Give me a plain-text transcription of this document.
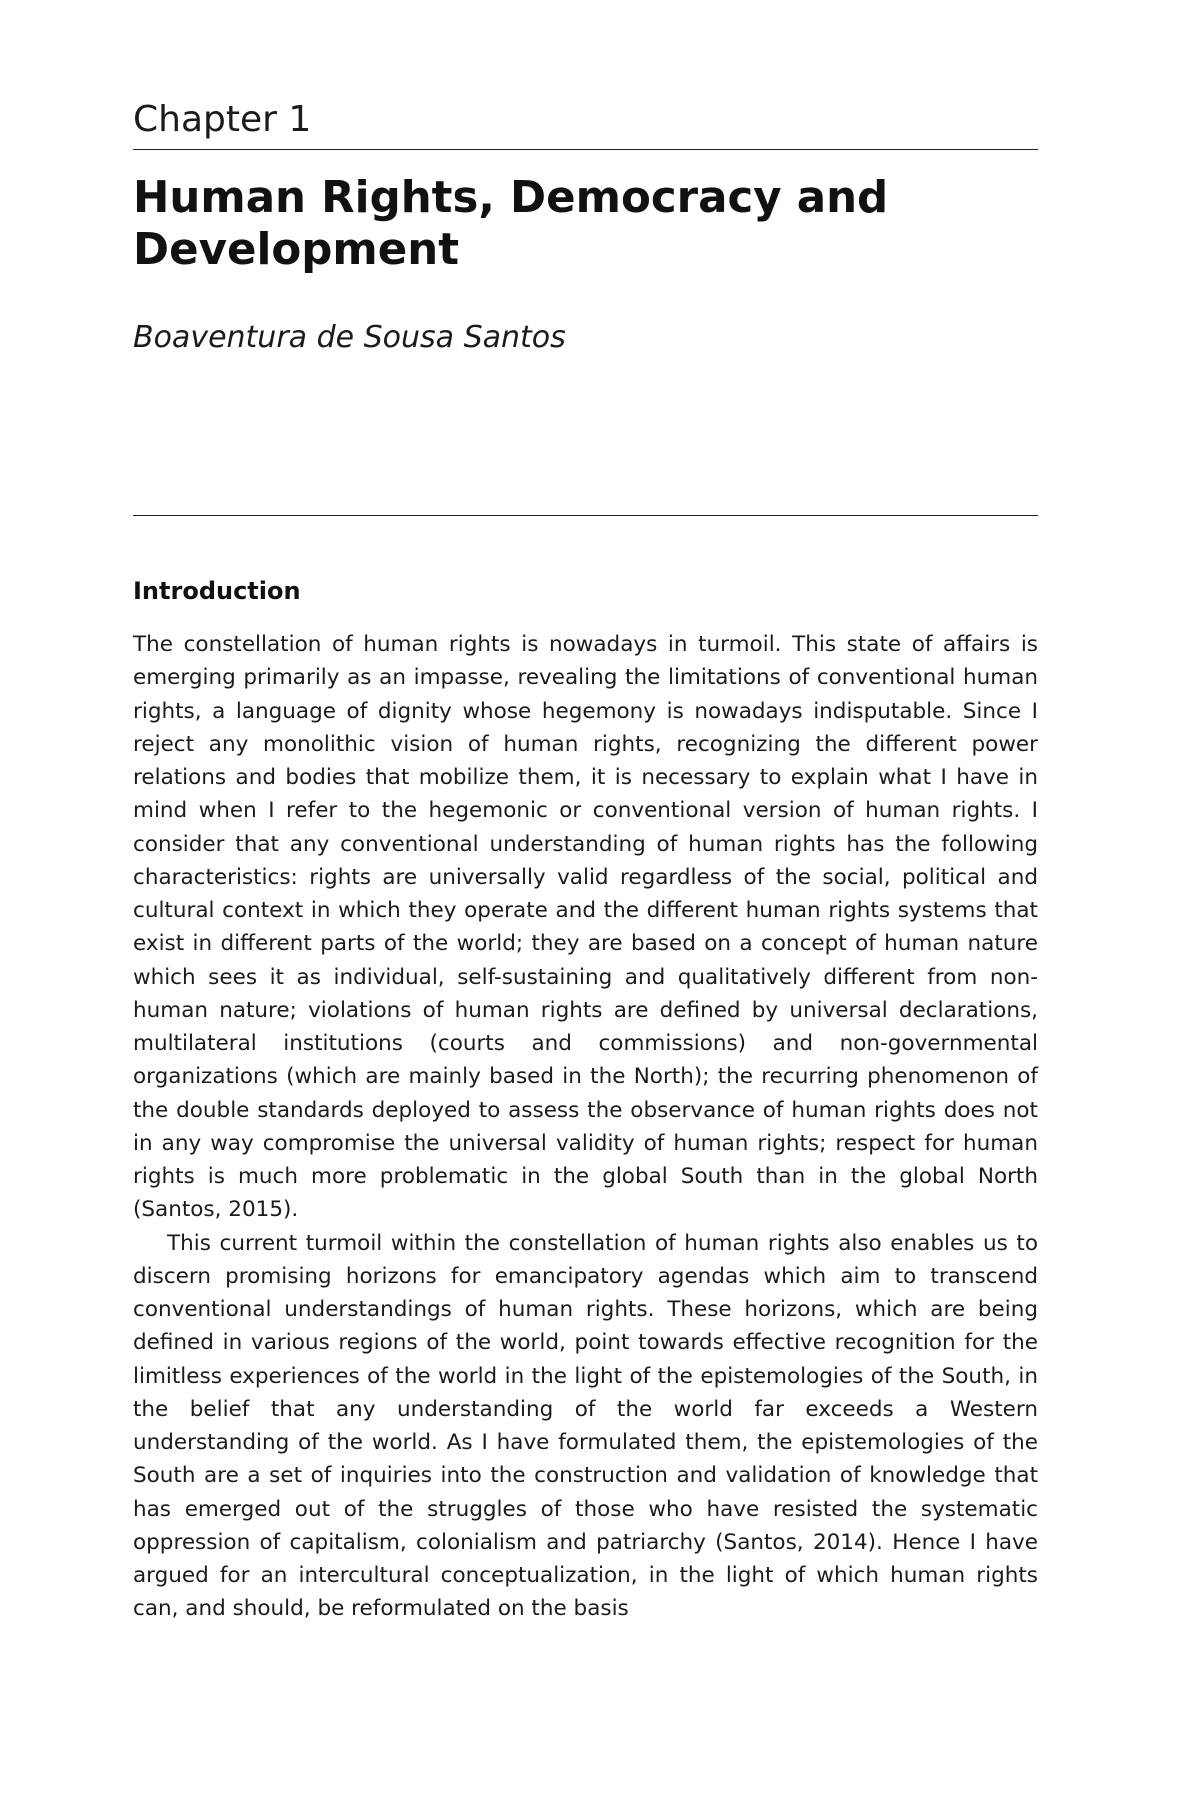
Chapter 1
Human Rights, Democracy and Development
Boaventura de Sousa Santos
Introduction

The constellation of human rights is nowadays in turmoil. This state of affairs is emerging primarily as an impasse, revealing the limitations of conventional human rights, a language of dignity whose hegemony is nowadays indisputable. Since I reject any monolithic vision of human rights, recognizing the different power relations and bodies that mobilize them, it is necessary to explain what I have in mind when I refer to the hegemonic or conventional version of human rights. I consider that any conventional understanding of human rights has the following characteristics: rights are universally valid regardless of the social, political and cultural context in which they operate and the different human rights systems that exist in different parts of the world; they are based on a concept of human nature which sees it as individual, self-sustaining and qualitatively different from non-human nature; violations of human rights are defined by universal declarations, multilateral institutions (courts and commissions) and non-governmental organizations (which are mainly based in the North); the recurring phenomenon of the double standards deployed to assess the observance of human rights does not in any way compromise the universal validity of human rights; respect for human rights is much more problematic in the global South than in the global North (Santos, 2015).

This current turmoil within the constellation of human rights also enables us to discern promising horizons for emancipatory agendas which aim to transcend conventional understandings of human rights. These horizons, which are being defined in various regions of the world, point towards effective recognition for the limitless experiences of the world in the light of the epistemologies of the South, in the belief that any understanding of the world far exceeds a Western understanding of the world. As I have formulated them, the epistemologies of the South are a set of inquiries into the construction and validation of knowledge that has emerged out of the struggles of those who have resisted the systematic oppression of capitalism, colonialism and patriarchy (Santos, 2014). Hence I have argued for an intercultural conceptualization, in the light of which human rights can, and should, be reformulated on the basis
